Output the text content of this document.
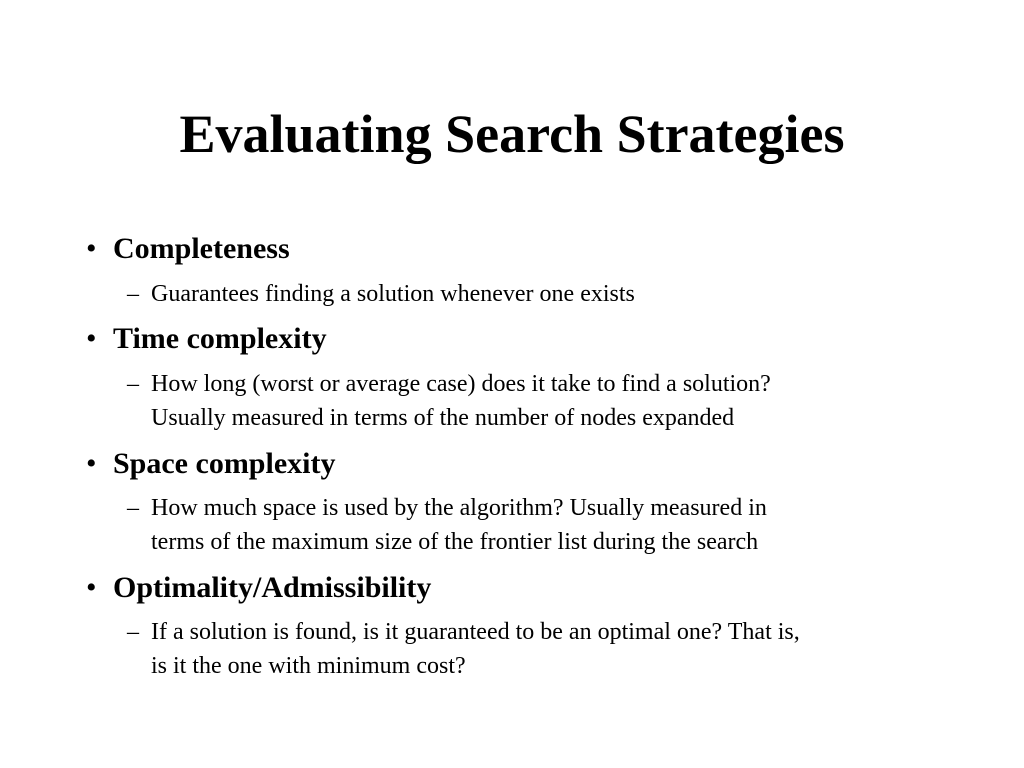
Evaluating Search Strategies
• Completeness
– Guarantees finding a solution whenever one exists
• Time complexity
– How long (worst or average case) does it take to find a solution?
Usually measured in terms of the number of nodes expanded
• Space complexity
– How much space is used by the algorithm? Usually measured in
terms of the maximum size of the frontier list during the search
• Optimality/Admissibility
– If a solution is found, is it guaranteed to be an optimal one? That is,
is it the one with minimum cost?
